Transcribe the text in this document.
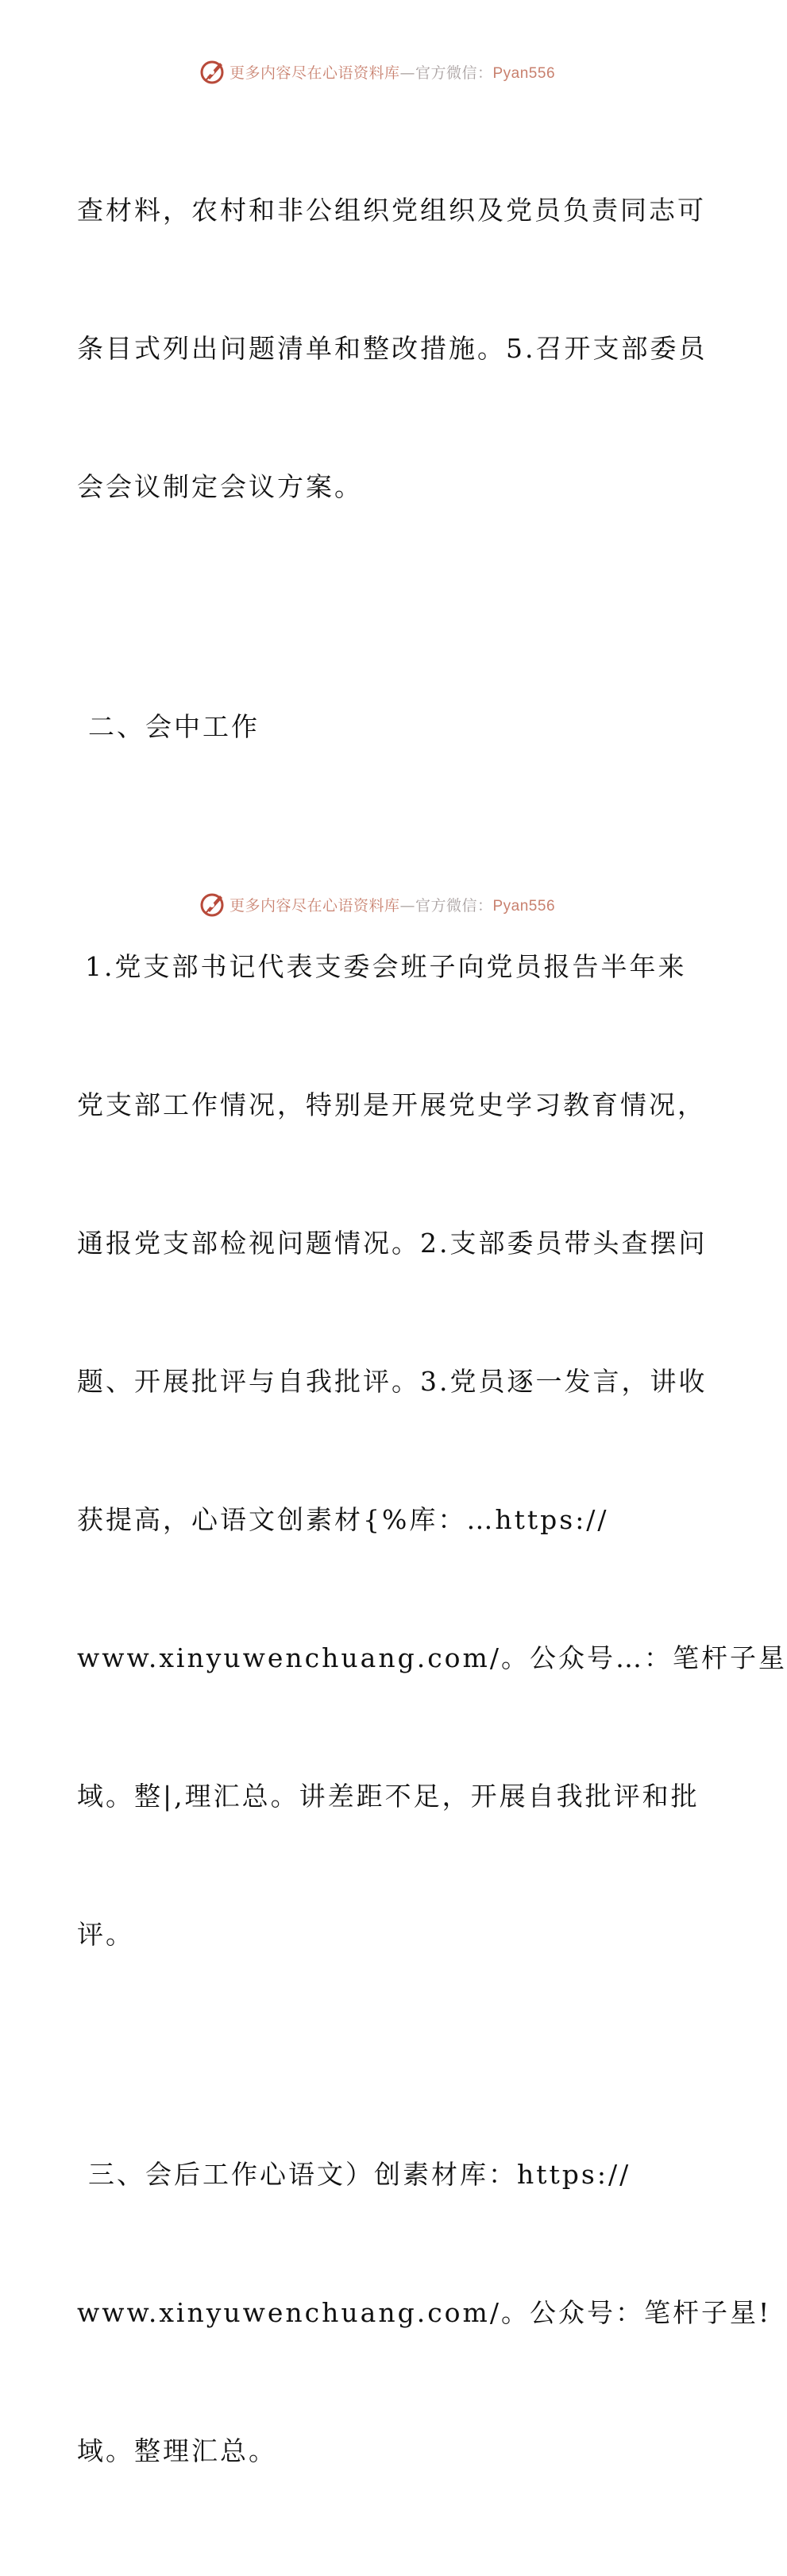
更多内容尽在心语资料库—官方微信：Pyan556

查材料，农村和非公组织党组织及党员负责同志可

条目式列出问题清单和整改措施。5.召开支部委员

会会议制定会议方案。

二、会中工作

1.党支部书记代表支委会班子向党员报告半年来

党支部工作情况，特别是开展党史学习教育情况，

通报党支部检视问题情况。2.支部委员带头查摆问

题、开展批评与自我批评。3.党员逐一发言，讲收

获提高，心语文创素材{%库：…https://

www.xinyuwenchuang.com/。公众号…：笔杆子星

域。整|,理汇总。讲差距不足，开展自我批评和批

评。

三、会后工作心语文）创素材库：https://

www.xinyuwenchuang.com/。公众号：笔杆子星!

域。整理汇总。

更多内容尽在心语资料库—官方微信：Pyan556
